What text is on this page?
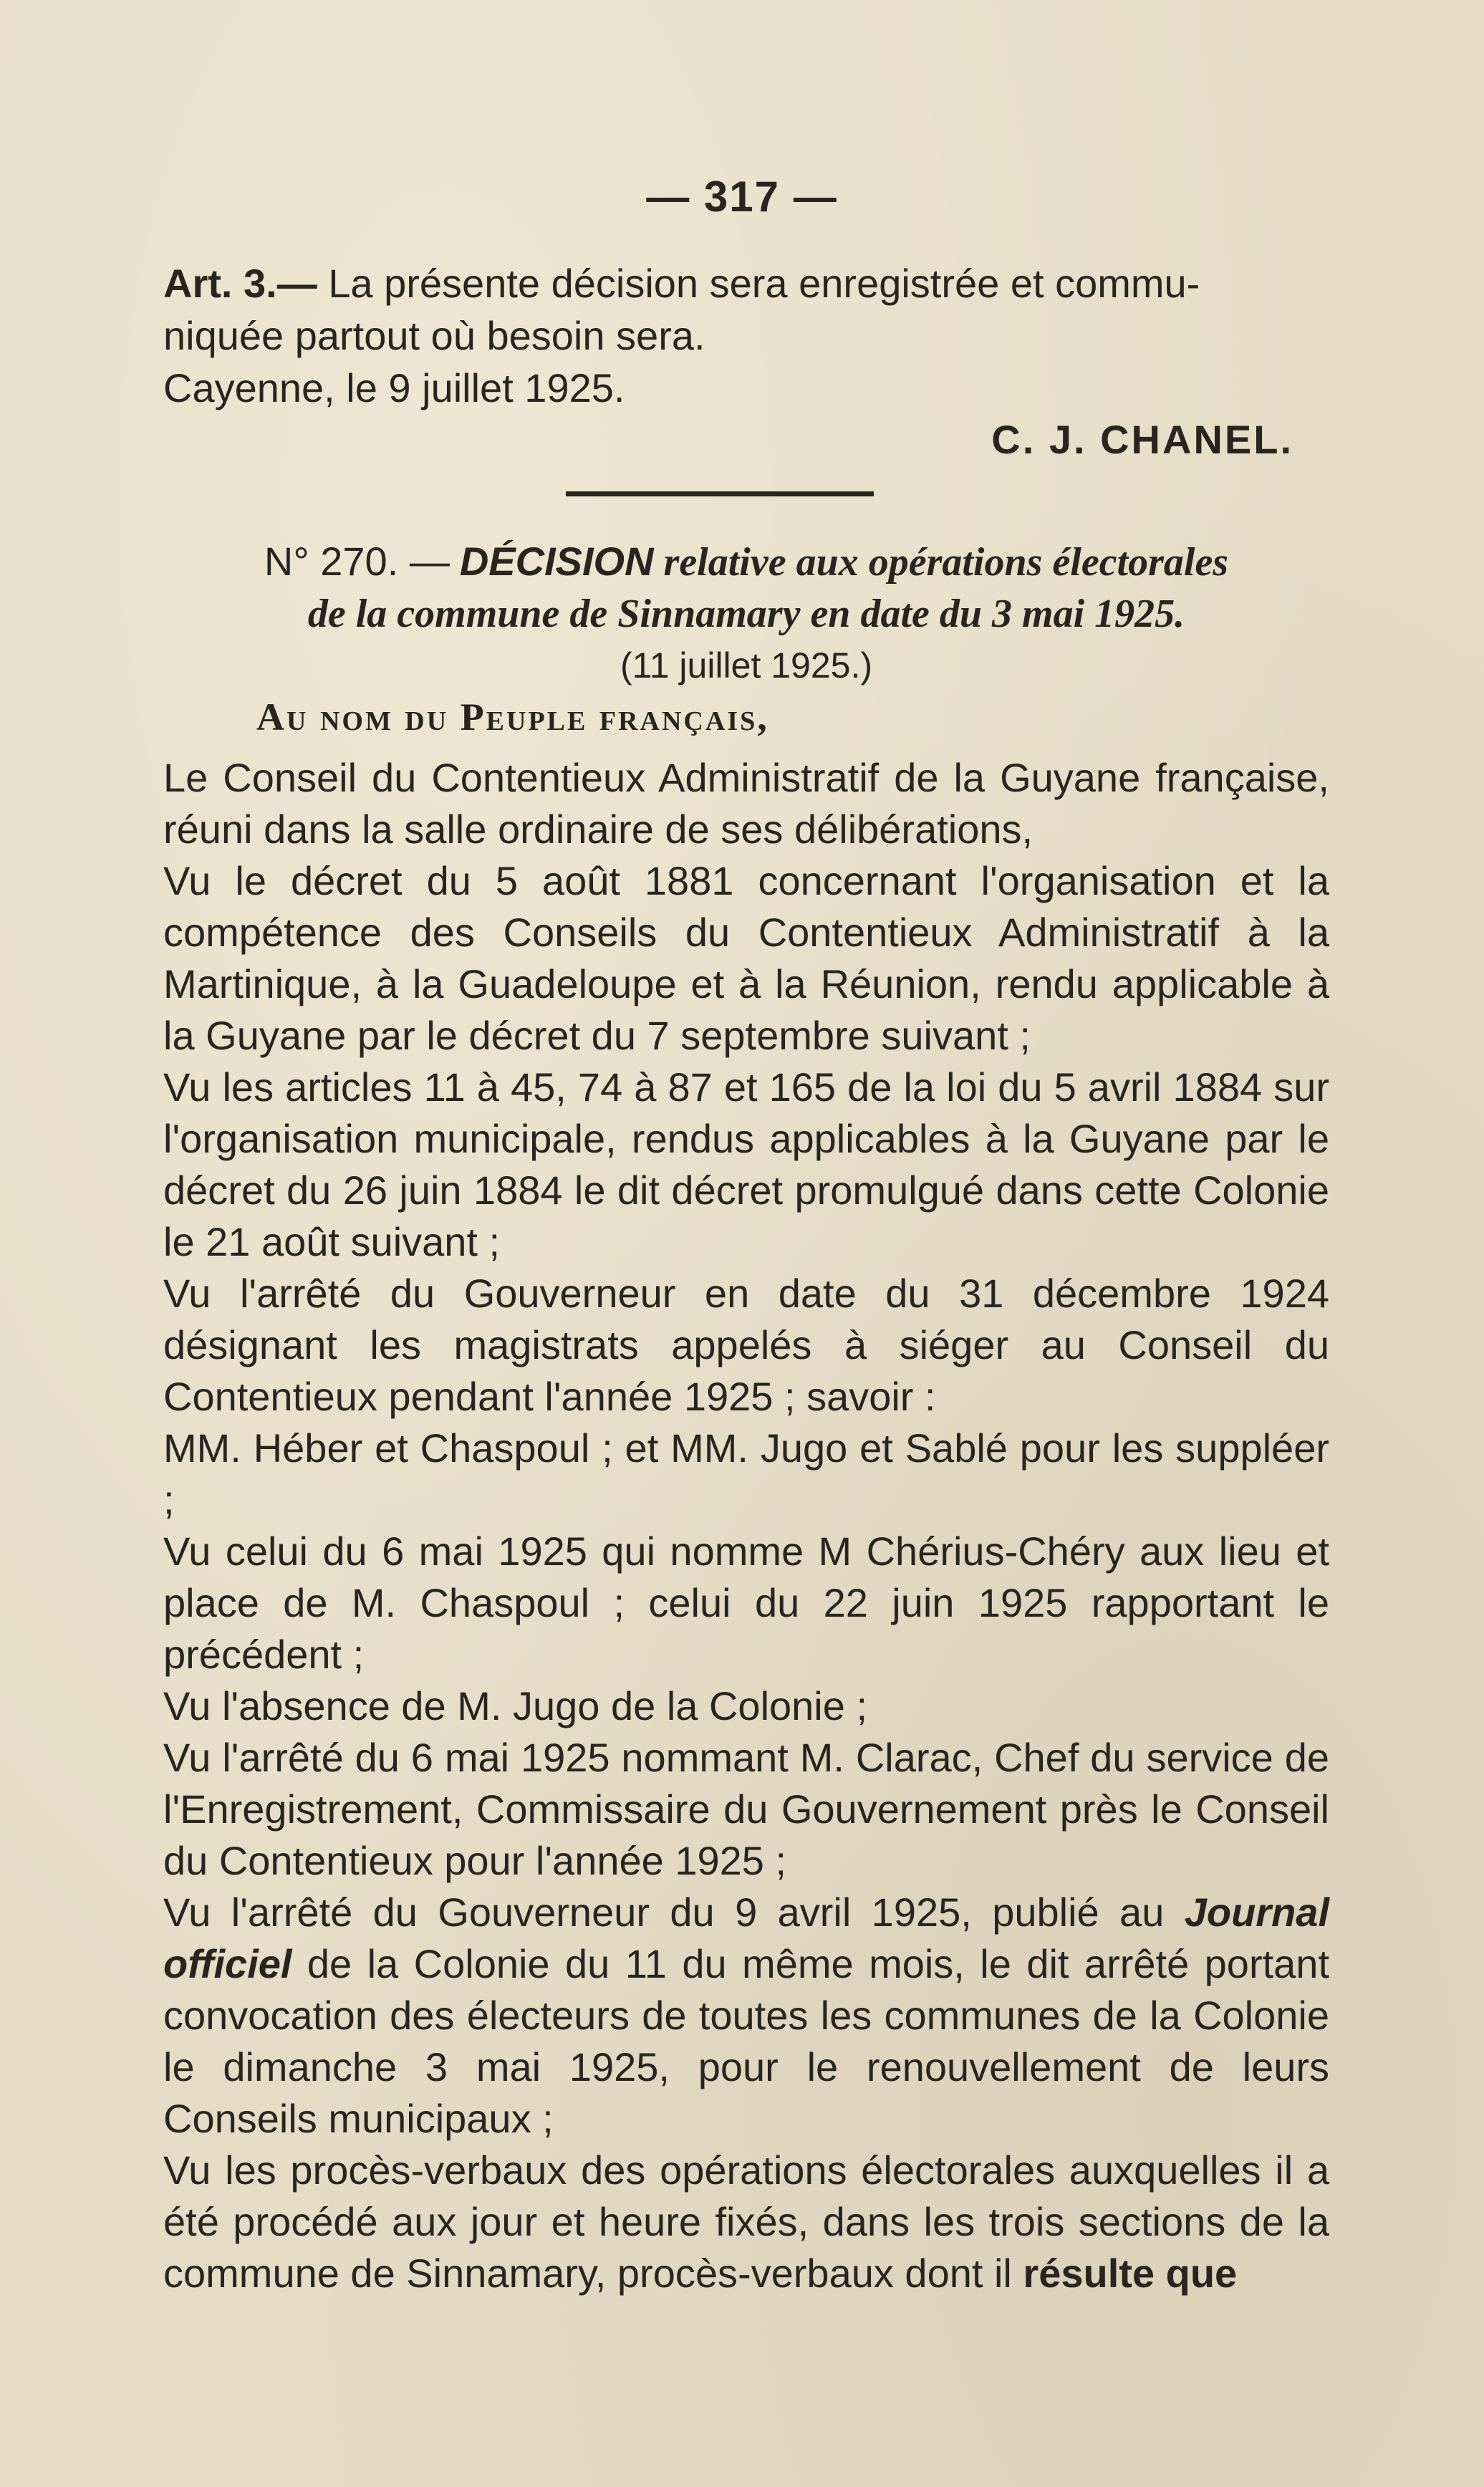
— 317 —

Art. 3.— La présente décision sera enregistrée et commu-
niquée partout où besoin sera.

Cayenne, le 9 juillet 1925.

C. J. CHANEL.

N° 270. — DÉCISION relative aux opérations électorales
de la commune de Sinnamary en date du 3 mai 1925.

(11 juillet 1925.)

Au nom du Peuple français,

Le Conseil du Contentieux Administratif de la Guyane française, réuni dans la salle ordinaire de ses délibérations,

Vu le décret du 5 août 1881 concernant l'organisation et la compétence des Conseils du Contentieux Administratif à la Martinique, à la Guadeloupe et à la Réunion, rendu applicable à la Guyane par le décret du 7 septembre suivant ;

Vu les articles 11 à 45, 74 à 87 et 165 de la loi du 5 avril 1884 sur l'organisation municipale, rendus applicables à la Guyane par le décret du 26 juin 1884 le dit décret promulgué dans cette Colonie le 21 août suivant ;

Vu l'arrêté du Gouverneur en date du 31 décembre 1924 désignant les magistrats appelés à siéger au Conseil du Contentieux pendant l'année 1925 ; savoir :

MM. Héber et Chaspoul ; et MM. Jugo et Sablé pour les suppléer ;

Vu celui du 6 mai 1925 qui nomme M Chérius-Chéry aux lieu et place de M. Chaspoul ; celui du 22 juin 1925 rapportant le précédent ;

Vu l'absence de M. Jugo de la Colonie ;

Vu l'arrêté du 6 mai 1925 nommant M. Clarac, Chef du service de l'Enregistrement, Commissaire du Gouvernement près le Conseil du Contentieux pour l'année 1925 ;

Vu l'arrêté du Gouverneur du 9 avril 1925, publié au Journal officiel de la Colonie du 11 du même mois, le dit arrêté portant convocation des électeurs de toutes les communes de la Colonie le dimanche 3 mai 1925, pour le renouvellement de leurs Conseils municipaux ;

Vu les procès-verbaux des opérations électorales auxquelles il a été procédé aux jour et heure fixés, dans les trois sections de la commune de Sinnamary, procès-verbaux dont il résulte que
